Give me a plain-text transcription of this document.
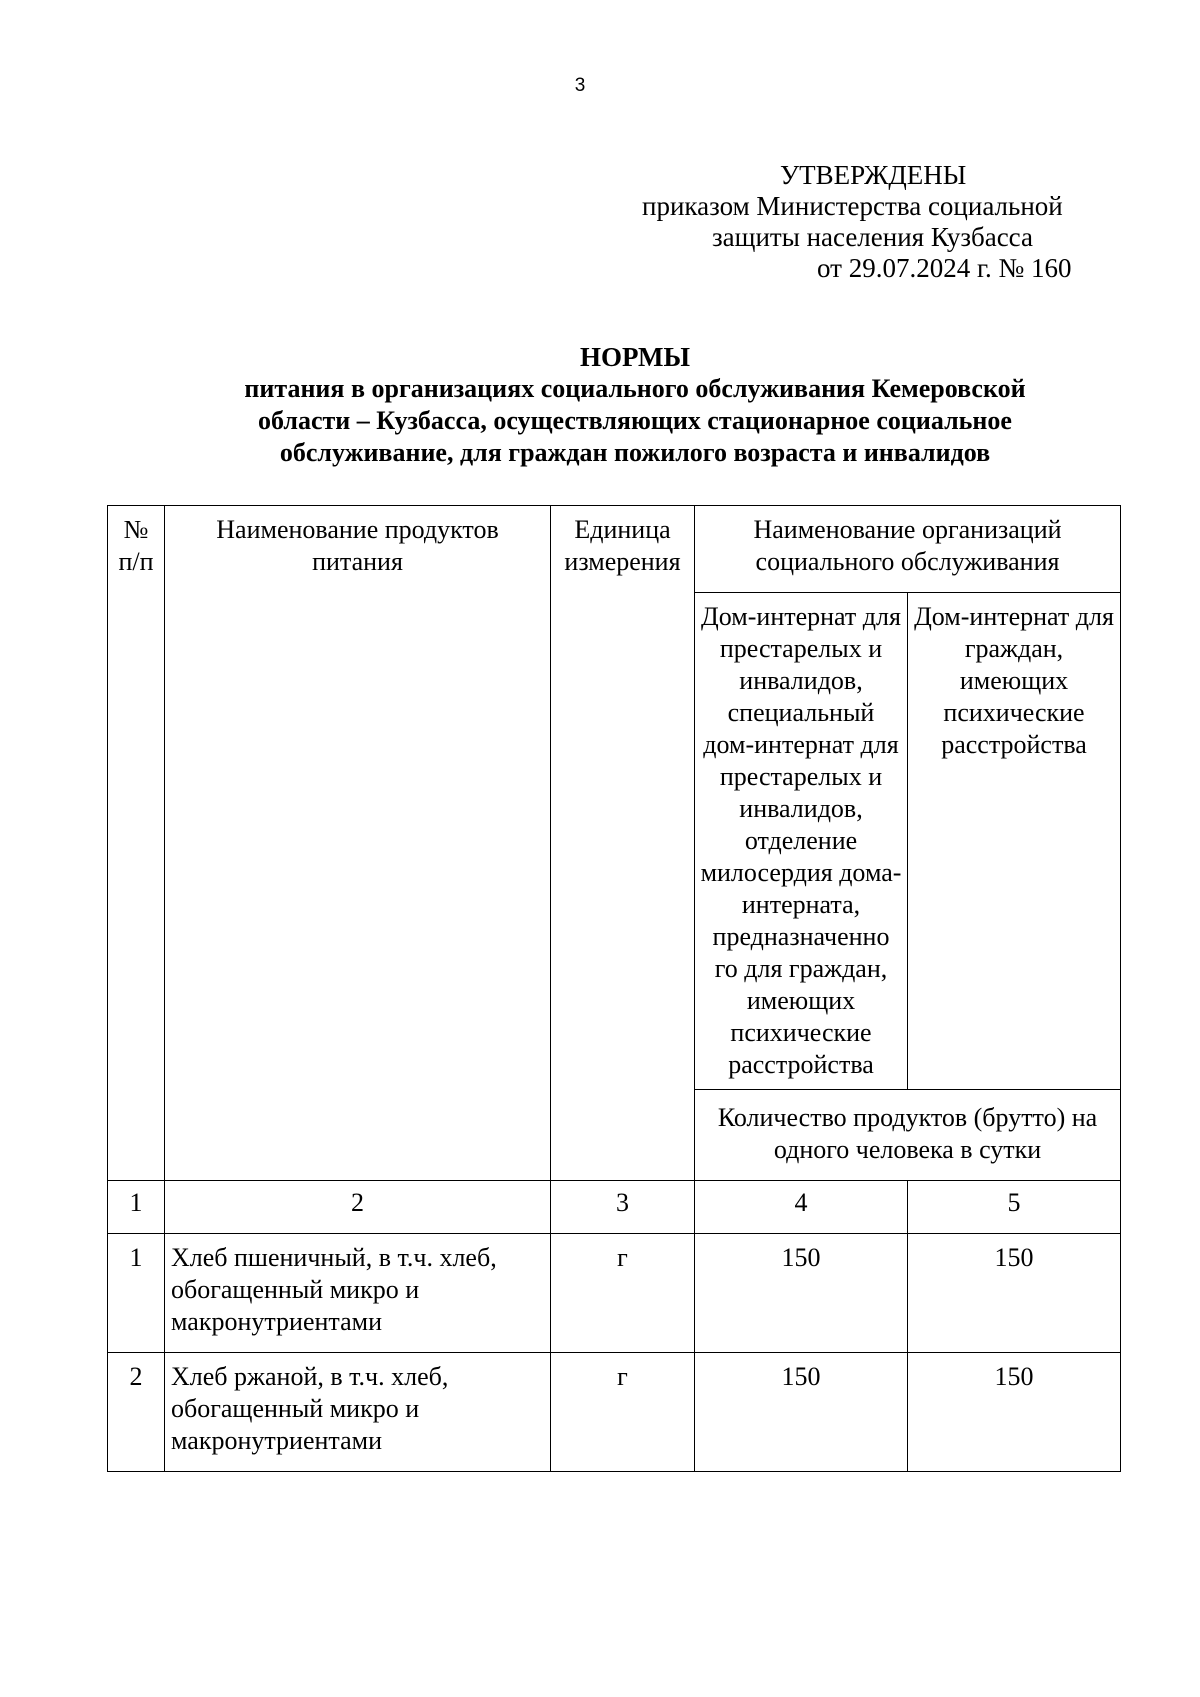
3
УТВЕРЖДЕНЫ
приказом Министерства социальной
защиты населения Кузбасса
от 29.07.2024 г. № 160
НОРМЫ
питания в организациях социального обслуживания Кемеровской
области – Кузбасса, осуществляющих стационарное социальное
обслуживание, для граждан пожилого возраста и инвалидов
№ п/п	Наименование продуктов питания	Единица измерения	Наименование организаций социального обслуживания	
			Дом-интернат для престарелых и инвалидов, специальный дом-интернат для престарелых и инвалидов, отделение милосердия дома-интерната, предназначенно го для граждан, имеющих психические расстройства	Дом-интернат для граждан, имеющих психические расстройства
			Количество продуктов (брутто) на одного человека в сутки	
1	2	3	4	5
1	Хлеб пшеничный, в т.ч. хлеб, обогащенный микро и макронутриентами	г	150	150
2	Хлеб ржаной, в т.ч. хлеб, обогащенный микро и макронутриентами	г	150	150
